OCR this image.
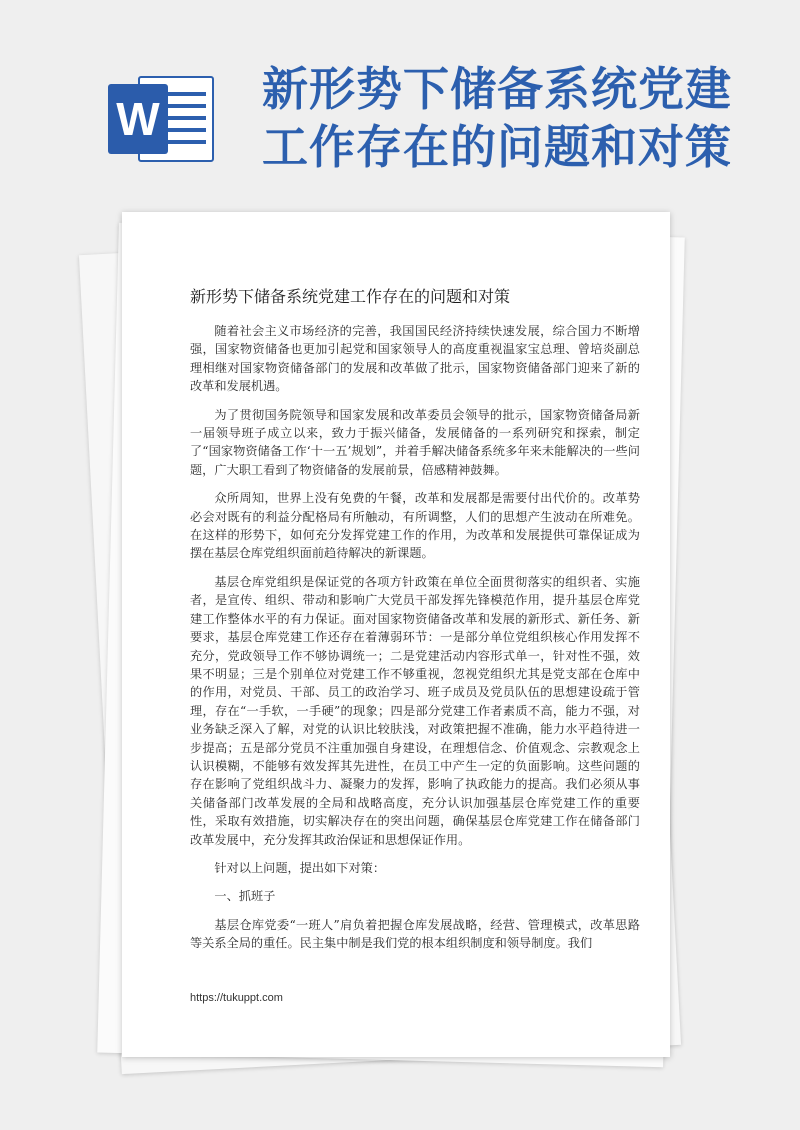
W
新形势下储备系统党建
工作存在的问题和对策
新形势下储备系统党建工作存在的问题和对策

随着社会主义市场经济的完善，我国国民经济持续快速发展，综合国力不断增强，国家物资储备也更加引起党和国家领导人的高度重视温家宝总理、曾培炎副总理相继对国家物资储备部门的发展和改革做了批示，国家物资储备部门迎来了新的改革和发展机遇。

为了贯彻国务院领导和国家发展和改革委员会领导的批示，国家物资储备局新一届领导班子成立以来，致力于振兴储备，发展储备的一系列研究和探索，制定了“国家物资储备工作‘十一五’规划”，并着手解决储备系统多年来未能解决的一些问题，广大职工看到了物资储备的发展前景，倍感精神鼓舞。

众所周知，世界上没有免费的午餐，改革和发展都是需要付出代价的。改革势必会对既有的利益分配格局有所触动，有所调整，人们的思想产生波动在所难免。在这样的形势下，如何充分发挥党建工作的作用，为改革和发展提供可靠保证成为摆在基层仓库党组织面前趋待解决的新课题。

基层仓库党组织是保证党的各项方针政策在单位全面贯彻落实的组织者、实施者，是宣传、组织、带动和影响广大党员干部发挥先锋模范作用，提升基层仓库党建工作整体水平的有力保证。面对国家物资储备改革和发展的新形式、新任务、新要求，基层仓库党建工作还存在着薄弱环节：一是部分单位党组织核心作用发挥不充分，党政领导工作不够协调统一；二是党建活动内容形式单一，针对性不强，效果不明显；三是个别单位对党建工作不够重视，忽视党组织尤其是党支部在仓库中的作用，对党员、干部、员工的政治学习、班子成员及党员队伍的思想建设疏于管理，存在“一手软，一手硬”的现象；四是部分党建工作者素质不高，能力不强，对业务缺乏深入了解，对党的认识比较肤浅，对政策把握不准确，能力水平趋待进一步提高；五是部分党员不注重加强自身建设，在理想信念、价值观念、宗教观念上认识模糊，不能够有效发挥其先进性，在员工中产生一定的负面影响。这些问题的存在影响了党组织战斗力、凝聚力的发挥，影响了执政能力的提高。我们必须从事关储备部门改革发展的全局和战略高度，充分认识加强基层仓库党建工作的重要性，采取有效措施，切实解决存在的突出问题，确保基层仓库党建工作在储备部门改革发展中，充分发挥其政治保证和思想保证作用。

针对以上问题，提出如下对策：

一、抓班子

基层仓库党委“一班人”肩负着把握仓库发展战略，经营、管理模式，改革思路等关系全局的重任。民主集中制是我们党的根本组织制度和领导制度。我们

https://tukuppt.com
